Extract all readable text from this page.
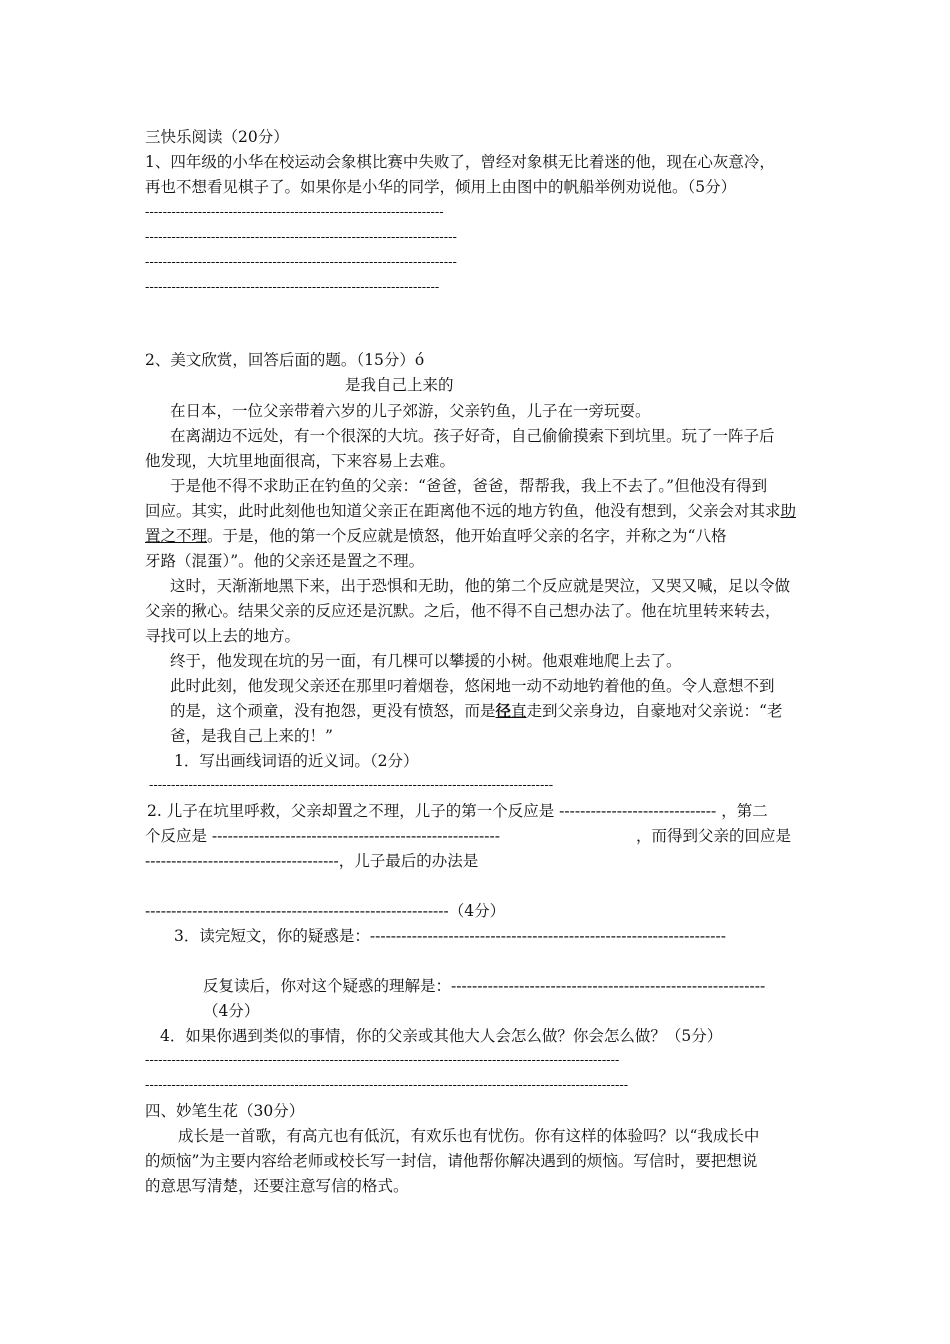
三快乐阅读（20分）
1、四年级的小华在校运动会象棋比赛中失败了，曾经对象棋无比着迷的他，现在心灰意冷，
再也不想看见棋子了。如果你是小华的同学，倾用上由图中的帆船举例劝说他。（5分）
--------------------------------------------------------------------
-----------------------------------------------------------------------
-----------------------------------------------------------------------
-------------------------------------------------------------------
2、美文欣赏，回答后面的题。（15分）ó
是我自己上来的
在日本，一位父亲带着六岁的儿子郊游，父亲钓鱼，儿子在一旁玩耍。
在离湖边不远处，有一个很深的大坑。孩子好奇，自己偷偷摸索下到坑里。玩了一阵子后
他发现，大坑里地面很高，下来容易上去难。
于是他不得不求助正在钓鱼的父亲：“爸爸，爸爸，帮帮我，我上不去了。”但他没有得到
回应。其实，此时此刻他也知道父亲正在距离他不远的地方钓鱼，他没有想到，父亲会对其求助
置之不理。于是，他的第一个反应就是愤怒，他开始直呼父亲的名字，并称之为“八格
牙路（混蛋）”。他的父亲还是置之不理。
这时，天渐渐地黑下来，出于恐惧和无助，他的第二个反应就是哭泣，又哭又喊，足以令做
父亲的揪心。结果父亲的反应还是沉默。之后，他不得不自己想办法了。他在坑里转来转去，
寻找可以上去的地方。
终于，他发现在坑的另一面，有几棵可以攀援的小树。他艰难地爬上去了。
此时此刻，他发现父亲还在那里叼着烟卷，悠闲地一动不动地钓着他的鱼。令人意想不到
的是，这个顽童，没有抱怨，更没有愤怒，而是径直走到父亲身边，自豪地对父亲说：“老
爸，是我自己上来的！”
1．写出画线词语的近义词。（2分）
--------------------------------------------------------------------------------------------
2. 儿子在坑里呼救，父亲却置之不理，儿子的第一个反应是 ------------------------------ ，第二
个反应是 -------------------------------------------------------	，而得到父亲的回应是
-------------------------------------，儿子最后的办法是
----------------------------------------------------------（4分）
3．读完短文，你的疑惑是：--------------------------------------------------------------------
反复读后，你对这个疑惑的理解是：------------------------------------------------------------
（4分）
4．如果你遇到类似的事情，你的父亲或其他大人会怎么做？你会怎么做？（5分）
------------------------------------------------------------------------------------------------------------
--------------------------------------------------------------------------------------------------------------
四、妙笔生花（30分）
成长是一首歌，有高亢也有低沉，有欢乐也有忧伤。你有这样的体验吗？以“我成长中
的烦恼”为主要内容给老师或校长写一封信，请他帮你解决遇到的烦恼。写信时，要把想说
的意思写清楚，还要注意写信的格式。
